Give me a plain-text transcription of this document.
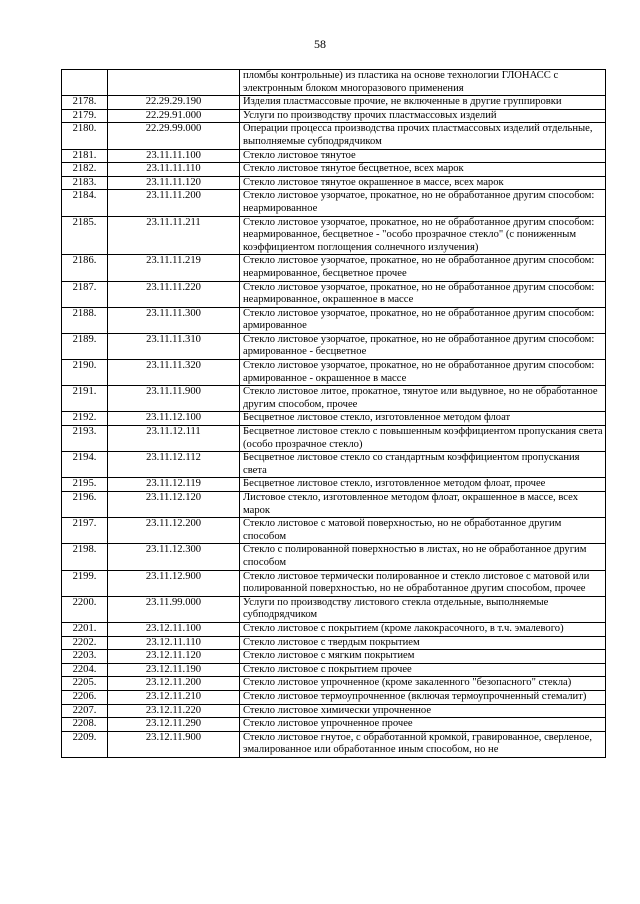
58
		пломбы контрольные) из пластика на основе технологии ГЛОНАСС с электронным блоком многоразового применения
2178.	22.29.29.190	Изделия пластмассовые прочие, не включенные в другие группировки
2179.	22.29.91.000	Услуги по производству прочих пластмассовых изделий
2180.	22.29.99.000	Операции процесса производства прочих пластмассовых изделий отдельные, выполняемые субподрядчиком
2181.	23.11.11.100	Стекло листовое тянутое
2182.	23.11.11.110	Стекло листовое тянутое бесцветное, всех марок
2183.	23.11.11.120	Стекло листовое тянутое окрашенное в массе, всех марок
2184.	23.11.11.200	Стекло листовое узорчатое, прокатное, но не обработанное другим способом: неармированное
2185.	23.11.11.211	Стекло листовое узорчатое, прокатное, но не обработанное другим способом: неармированное, бесцветное - "особо прозрачное стекло" (с пониженным коэффициентом поглощения солнечного излучения)
2186.	23.11.11.219	Стекло листовое узорчатое, прокатное, но не обработанное другим способом: неармированное, бесцветное прочее
2187.	23.11.11.220	Стекло листовое узорчатое, прокатное, но не обработанное другим способом: неармированное, окрашенное в массе
2188.	23.11.11.300	Стекло листовое узорчатое, прокатное, но не обработанное другим способом: армированное
2189.	23.11.11.310	Стекло листовое узорчатое, прокатное, но не обработанное другим способом: армированное - бесцветное
2190.	23.11.11.320	Стекло листовое узорчатое, прокатное, но не обработанное другим способом: армированное - окрашенное в массе
2191.	23.11.11.900	Стекло листовое литое, прокатное, тянутое или выдувное, но не обработанное другим способом, прочее
2192.	23.11.12.100	Бесцветное листовое стекло, изготовленное методом флоат
2193.	23.11.12.111	Бесцветное листовое стекло с повышенным коэффициентом пропускания света (особо прозрачное стекло)
2194.	23.11.12.112	Бесцветное листовое стекло со стандартным коэффициентом пропускания света
2195.	23.11.12.119	Бесцветное листовое стекло, изготовленное методом флоат, прочее
2196.	23.11.12.120	Листовое стекло, изготовленное методом флоат, окрашенное в массе, всех марок
2197.	23.11.12.200	Стекло листовое с матовой поверхностью, но не обработанное другим способом
2198.	23.11.12.300	Стекло с полированной поверхностью в листах, но не обработанное другим способом
2199.	23.11.12.900	Стекло листовое термически полированное и стекло листовое с матовой или полированной поверхностью, но не обработанное другим способом, прочее
2200.	23.11.99.000	Услуги по производству листового стекла отдельные, выполняемые субподрядчиком
2201.	23.12.11.100	Стекло листовое с покрытием (кроме лакокрасочного, в т.ч. эмалевого)
2202.	23.12.11.110	Стекло листовое с твердым покрытием
2203.	23.12.11.120	Стекло листовое с мягким покрытием
2204.	23.12.11.190	Стекло листовое с покрытием прочее
2205.	23.12.11.200	Стекло листовое упрочненное (кроме закаленного "безопасного" стекла)
2206.	23.12.11.210	Стекло листовое термоупрочненное (включая термоупрочненный стемалит)
2207.	23.12.11.220	Стекло листовое химически упрочненное
2208.	23.12.11.290	Стекло листовое упрочненное прочее
2209.	23.12.11.900	Стекло листовое гнутое, с обработанной кромкой, гравированное, сверленое, эмалированное или обработанное иным способом, но не
